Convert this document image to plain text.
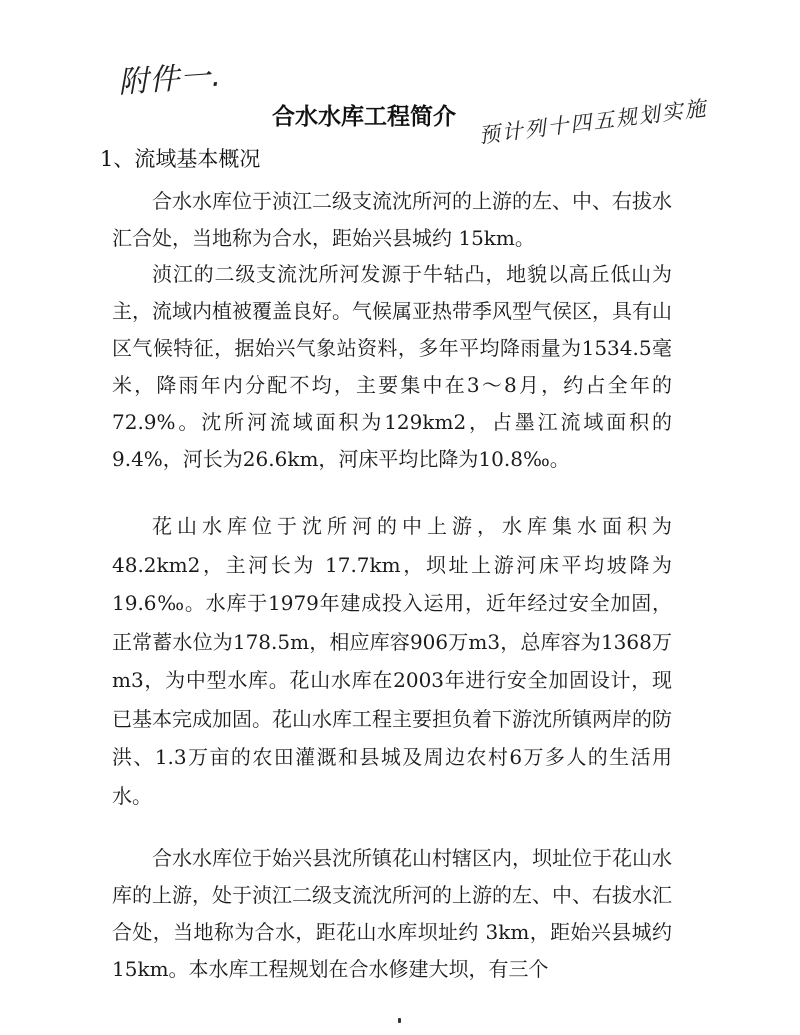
附件一.
合水水库工程简介 预计列十四五规划实施
1、流域基本概况

合水水库位于浈江二级支流沈所河的上游的左、中、右拔水汇合处，当地称为合水，距始兴县城约 15km。

浈江的二级支流沈所河发源于牛轱凸，地貌以高丘低山为主，流域内植被覆盖良好。气候属亚热带季风型气侯区，具有山区气候特征，据始兴气象站资料，多年平均降雨量为1534.5毫米，降雨年内分配不均，主要集中在3～8月，约占全年的72.9%。沈所河流域面积为129km2，占墨江流域面积的9.4%，河长为26.6km，河床平均比降为10.8‰。

花山水库位于沈所河的中上游，水库集水面积为48.2km2，主河长为 17.7km，坝址上游河床平均坡降为19.6‰。水库于1979年建成投入运用，近年经过安全加固，正常蓄水位为178.5m，相应库容906万m3，总库容为1368万m3，为中型水库。花山水库在2003年进行安全加固设计，现已基本完成加固。花山水库工程主要担负着下游沈所镇两岸的防洪、1.3万亩的农田灌溉和县城及周边农村6万多人的生活用水。

合水水库位于始兴县沈所镇花山村辖区内，坝址位于花山水库的上游，处于浈江二级支流沈所河的上游的左、中、右拔水汇合处，当地称为合水，距花山水库坝址约 3km，距始兴县城约15km。本水库工程规划在合水修建大坝，有三个
